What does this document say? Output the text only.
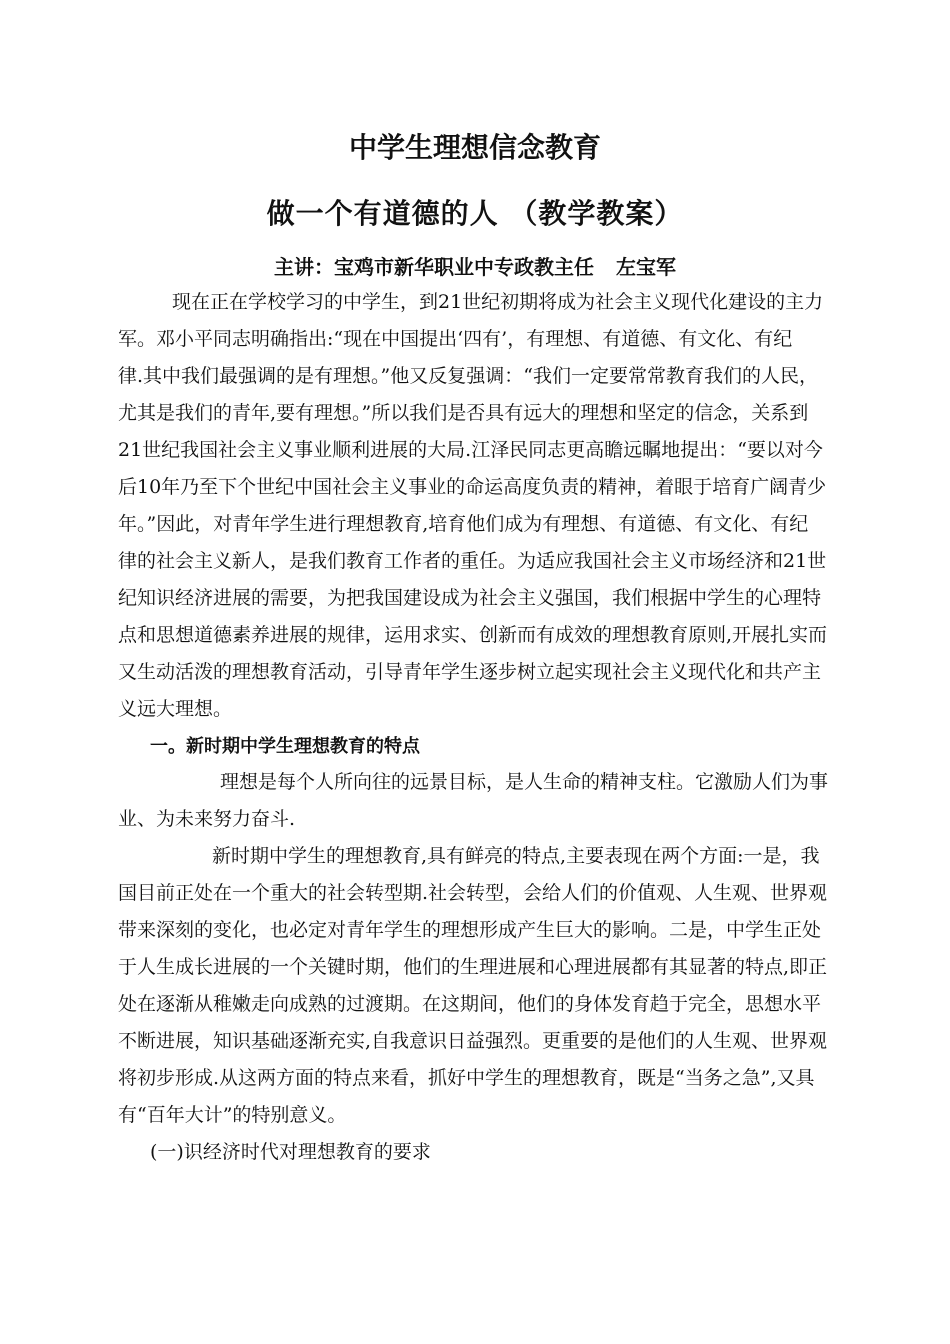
中学生理想信念教育
做一个有道德的人 （教学教案）
主讲：宝鸡市新华职业中专政教主任 左宝军
现在正在学校学习的中学生，到21世纪初期将成为社会主义现代化建设的主力
军。邓小平同志明确指出:“现在中国提出‘四有’，有理想、有道德、有文化、有纪
律.其中我们最强调的是有理想。”他又反复强调：“我们一定要常常教育我们的人民，
尤其是我们的青年,要有理想。”所以我们是否具有远大的理想和坚定的信念，关系到
21世纪我国社会主义事业顺利进展的大局.江泽民同志更高瞻远瞩地提出：“要以对今
后10年乃至下个世纪中国社会主义事业的命运高度负责的精神，着眼于培育广阔青少
年。”因此，对青年学生进行理想教育,培育他们成为有理想、有道德、有文化、有纪
律的社会主义新人，是我们教育工作者的重任。为适应我国社会主义市场经济和21世
纪知识经济进展的需要，为把我国建设成为社会主义强国，我们根据中学生的心理特
点和思想道德素养进展的规律，运用求实、创新而有成效的理想教育原则,开展扎实而
又生动活泼的理想教育活动，引导青年学生逐步树立起实现社会主义现代化和共产主
义远大理想。
一。新时期中学生理想教育的特点
理想是每个人所向往的远景目标，是人生命的精神支柱。它激励人们为事
业、为未来努力奋斗.
新时期中学生的理想教育,具有鲜亮的特点,主要表现在两个方面:一是，我
国目前正处在一个重大的社会转型期.社会转型，会给人们的价值观、人生观、世界观
带来深刻的变化，也必定对青年学生的理想形成产生巨大的影响。二是，中学生正处
于人生成长进展的一个关键时期，他们的生理进展和心理进展都有其显著的特点,即正
处在逐渐从稚嫩走向成熟的过渡期。在这期间，他们的身体发育趋于完全，思想水平
不断进展，知识基础逐渐充实,自我意识日益强烈。更重要的是他们的人生观、世界观
将初步形成.从这两方面的特点来看，抓好中学生的理想教育，既是“当务之急”,又具
有“百年大计”的特别意义。
(一)识经济时代对理想教育的要求
